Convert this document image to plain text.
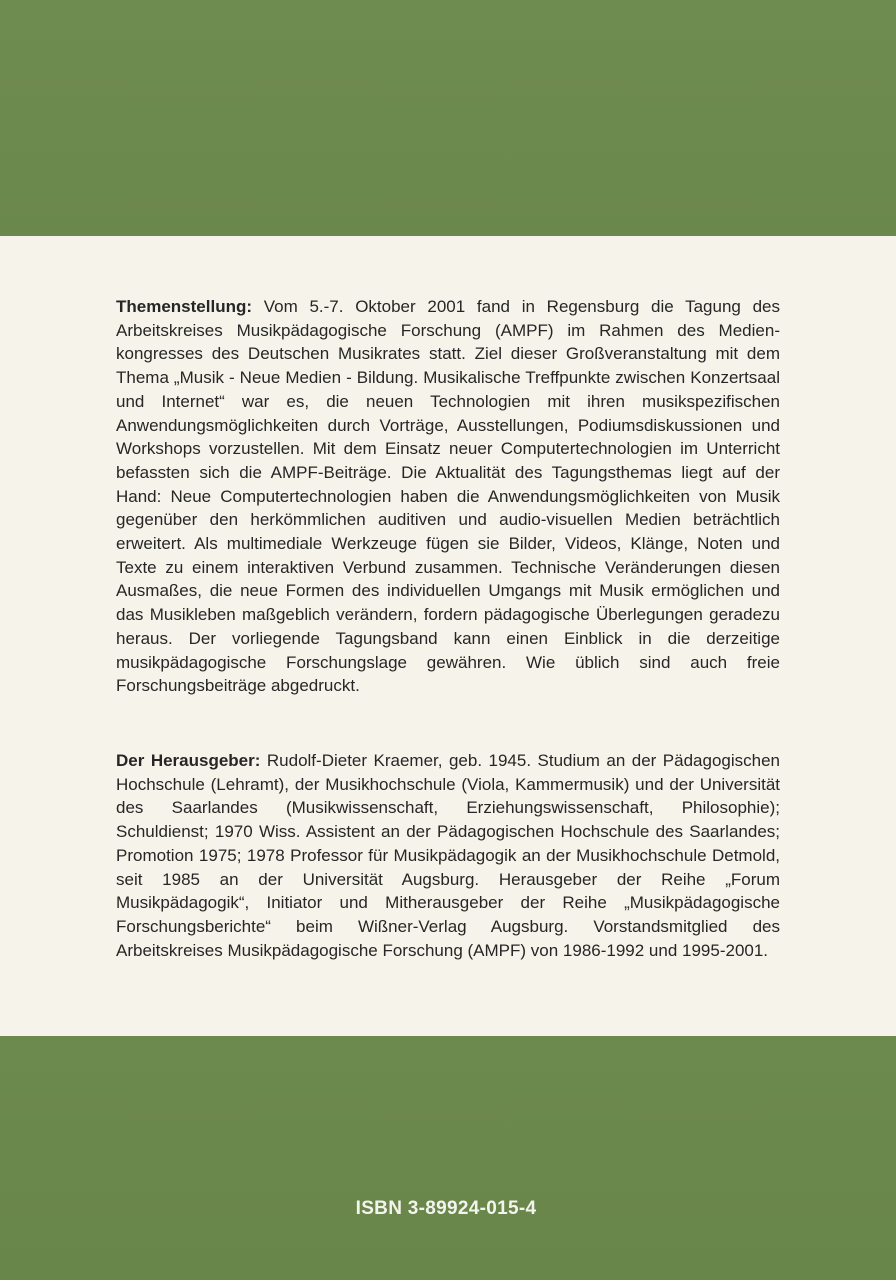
Themenstellung: Vom 5.-7. Oktober 2001 fand in Regensburg die Tagung des Arbeitskreises Musikpädagogische Forschung (AMPF) im Rahmen des Medienkongresses des Deutschen Musikrates statt. Ziel dieser Großveranstaltung mit dem Thema „Musik - Neue Medien - Bildung. Musikalische Treffpunkte zwischen Konzertsaal und Internet“ war es, die neuen Technologien mit ihren musikspezifischen Anwendungsmöglichkeiten durch Vorträge, Ausstellungen, Podiumsdiskussionen und Workshops vorzustellen. Mit dem Einsatz neuer Computertechnologien im Unterricht befassten sich die AMPF-Beiträge. Die Aktualität des Tagungsthemas liegt auf der Hand: Neue Computertechnologien haben die Anwendungsmöglichkeiten von Musik gegenüber den herkömmlichen auditiven und audio-visuellen Medien beträchtlich erweitert. Als multimediale Werkzeuge fügen sie Bilder, Videos, Klänge, Noten und Texte zu einem interaktiven Verbund zusammen. Technische Veränderungen diesen Ausmaßes, die neue Formen des individuellen Umgangs mit Musik ermöglichen und das Musikleben maßgeblich verändern, fordern pädagogische Überlegungen geradezu heraus. Der vorliegende Tagungsband kann einen Einblick in die derzeitige musikpädagogische Forschungslage gewähren. Wie üblich sind auch freie Forschungsbeiträge abgedruckt.

Der Herausgeber: Rudolf-Dieter Kraemer, geb. 1945. Studium an der Pädagogischen Hochschule (Lehramt), der Musikhochschule (Viola, Kammermusik) und der Universität des Saarlandes (Musikwissenschaft, Erziehungswissenschaft, Philosophie); Schuldienst; 1970 Wiss. Assistent an der Pädagogischen Hochschule des Saarlandes; Promotion 1975; 1978 Professor für Musikpädagogik an der Musikhochschule Detmold, seit 1985 an der Universität Augsburg. Herausgeber der Reihe „Forum Musikpädagogik“, Initiator und Mitherausgeber der Reihe „Musikpädagogische Forschungsberichte“ beim Wißner-Verlag Augsburg. Vorstandsmitglied des Arbeitskreises Musikpädagogische Forschung (AMPF) von 1986-1992 und 1995-2001.

ISBN 3-89924-015-4
